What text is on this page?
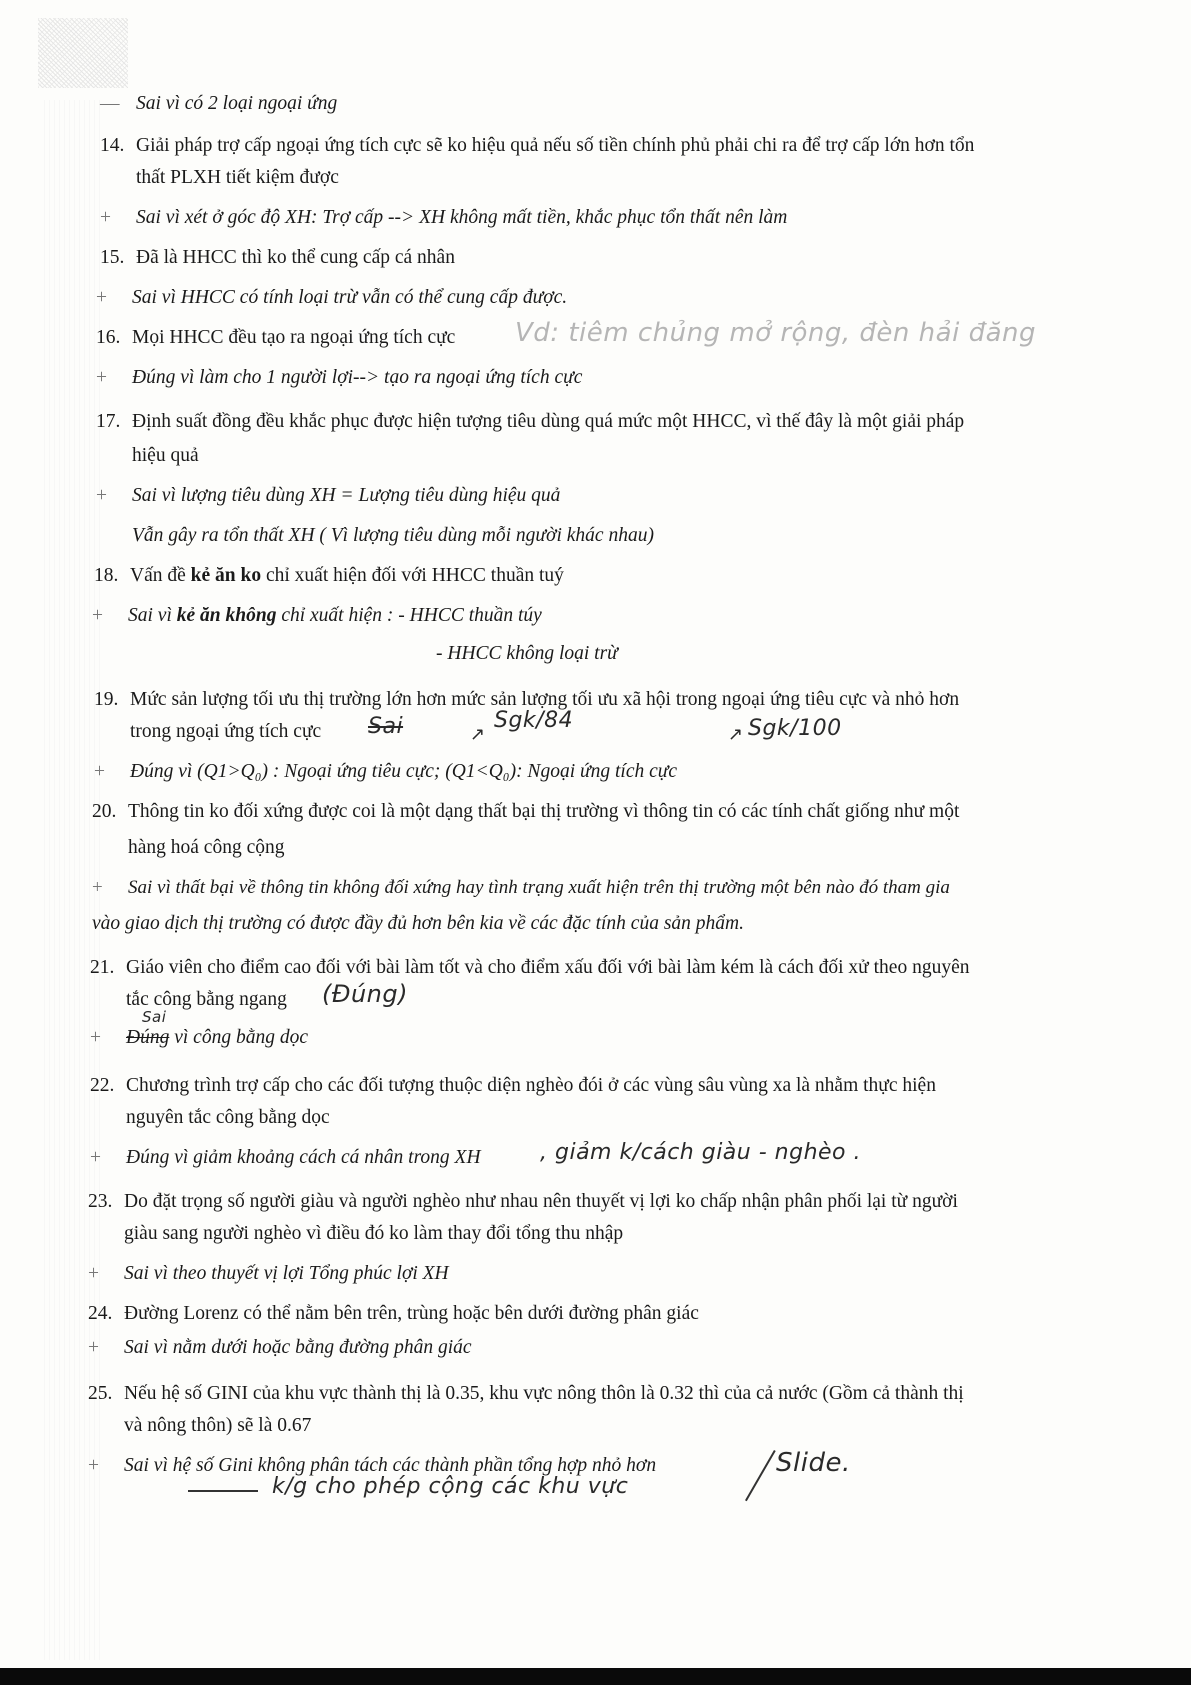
— Sai vì có 2 loại ngoại ứng
14. Giải pháp trợ cấp ngoại ứng tích cực sẽ ko hiệu quả nếu số tiền chính phủ phải chi ra để trợ cấp lớn hơn tổn
thất PLXH tiết kiệm được
+ Sai vì xét ở góc độ XH: Trợ cấp --> XH không mất tiền, khắc phục tổn thất nên làm
15. Đã là HHCC thì ko thể cung cấp cá nhân
+ Sai vì HHCC có tính loại trừ vẫn có thể cung cấp được.
16. Mọi HHCC đều tạo ra ngoại ứng tích cực Vd: tiêm chủng mở rộng, đèn hải đăng
+ Đúng vì làm cho 1 người lợi--> tạo ra ngoại ứng tích cực
17. Định suất đồng đều khắc phục được hiện tượng tiêu dùng quá mức một HHCC, vì thế đây là một giải pháp
hiệu quả
+ Sai vì lượng tiêu dùng XH = Lượng tiêu dùng hiệu quả
Vẫn gây ra tổn thất XH ( Vì lượng tiêu dùng mỗi người khác nhau)
18. Vấn đề kẻ ăn ko chỉ xuất hiện đối với HHCC thuần tuý
+ Sai vì kẻ ăn không chỉ xuất hiện : - HHCC thuần túy
- HHCC không loại trừ
19. Mức sản lượng tối ưu thị trường lớn hơn mức sản lượng tối ưu xã hội trong ngoại ứng tiêu cực và nhỏ hơn
trong ngoại ứng tích cực Sai	↗
Sgk/84
↗ Sgk/100
+ Đúng vì (Q1>Q₀) : Ngoại ứng tiêu cực; (Q1<Q₀): Ngoại ứng tích cực
20. Thông tin ko đối xứng được coi là một dạng thất bại thị trường vì thông tin có các tính chất giống như một
hàng hoá công cộng
+ Sai vì thất bại về thông tin không đối xứng hay tình trạng xuất hiện trên thị trường một bên nào đó tham gia
vào giao dịch thị trường có được đầy đủ hơn bên kia về các đặc tính của sản phẩm.
21. Giáo viên cho điểm cao đối với bài làm tốt và cho điểm xấu đối với bài làm kém là cách đối xử theo nguyên
tắc công bằng ngang (Đúng)
Sai
+ Đúng vì công bằng dọc
22. Chương trình trợ cấp cho các đối tượng thuộc diện nghèo đói ở các vùng sâu vùng xa là nhằm thực hiện
nguyên tắc công bằng dọc
+ Đúng vì giảm khoảng cách cá nhân trong XH	, giảm k/cách giàu - nghèo .
23. Do đặt trọng số người giàu và người nghèo như nhau nên thuyết vị lợi ko chấp nhận phân phối lại từ người
giàu sang người nghèo vì điều đó ko làm thay đổi tổng thu nhập
+ Sai vì theo thuyết vị lợi Tổng phúc lợi XH
24. Đường Lorenz có thể nằm bên trên, trùng hoặc bên dưới đường phân giác
+ Sai vì nằm dưới hoặc bằng đường phân giác
25. Nếu hệ số GINI của khu vực thành thị là 0.35, khu vực nông thôn là 0.32 thì của cả nước (Gồm cả thành thị
và nông thôn) sẽ là 0.67
+ Sai vì hệ số Gini không phân tách các thành phần tổng hợp nhỏ hơn	Slide.
k/g cho phép cộng các khu vực
